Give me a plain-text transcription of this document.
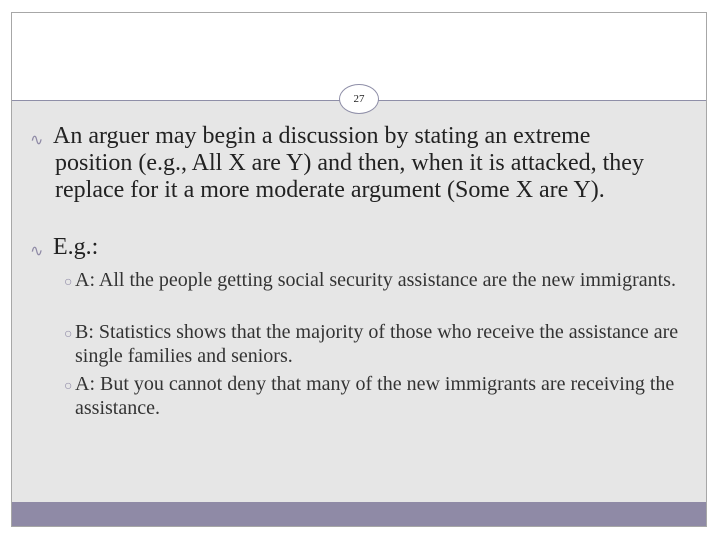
27
∿ An arguer may begin a discussion by stating an extreme position (e.g., All X are Y) and then, when it is attacked, they replace for it a more moderate argument (Some X are Y).
∿ E.g.:
○ A: All the people getting social security assistance are the new immigrants.
○ B: Statistics shows that the majority of those who receive the assistance are single families and seniors.
○ A: But you cannot deny that many of the new immigrants are receiving the assistance.
